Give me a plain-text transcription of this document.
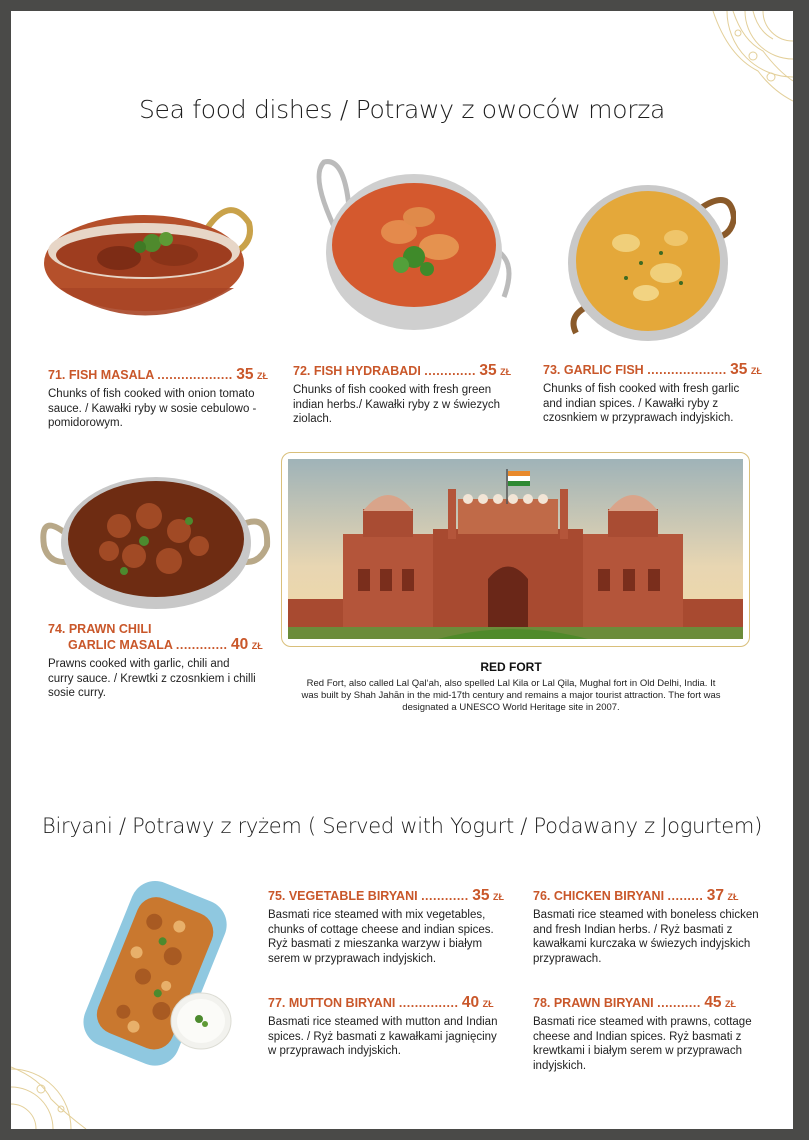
Sea food dishes / Potrawy z owoców morza
71. FISH MASALA ................... 35 ZŁ
Chunks of fish cooked with onion tomato sauce. / Kawałki ryby w sosie cebulowo -pomidorowym.
72. FISH HYDRABADI ............. 35 ZŁ
Chunks of fish cooked with fresh green indian herbs./ Kawałki ryby z w świezych ziolach.
73. GARLIC FISH .................... 35 ZŁ
Chunks of fish cooked with fresh garlic and indian spices. / Kawałki ryby z czosnkiem w przyprawach indyjskich.
74. PRAWN CHILI
GARLIC MASALA ............. 40 ZŁ
Prawns cooked with garlic, chili and curry sauce. / Krewtki z czosnkiem i chilli sosie curry.
RED FORT
Red Fort, also called Lal Qal‘ah, also spelled Lal Kila or Lal Qila, Mughal fort in Old Delhi, India. It was built by Shah Jahān in the mid-17th century and remains a major tourist attraction. The fort was designated a UNESCO World Heritage site in 2007.
Biryani / Potrawy z ryżem ( Served with Yogurt / Podawany z Jogurtem)
75. VEGETABLE BIRYANI ............ 35 ZŁ
Basmati rice steamed with mix vegetables, chunks of cottage cheese and indian spices. Ryż basmati z mieszanka warzyw i białym serem w przyprawach indyjskich.
76. CHICKEN BIRYANI ......... 37 ZŁ
Basmati rice steamed with boneless chicken and fresh Indian herbs. / Ryż basmati z kawałkami kurczaka w świezych indyjskich przyprawach.
77. MUTTON BIRYANI ............... 40 ZŁ
Basmati rice steamed with mutton and Indian spices. / Ryż basmati z kawałkami jagnięciny w przyprawach indyjskich.
78. PRAWN BIRYANI ........... 45 ZŁ
Basmati rice steamed with prawns, cottage cheese and Indian spices. Ryż basmati z krewtkami i białym serem w przyprawach indyjskich.
